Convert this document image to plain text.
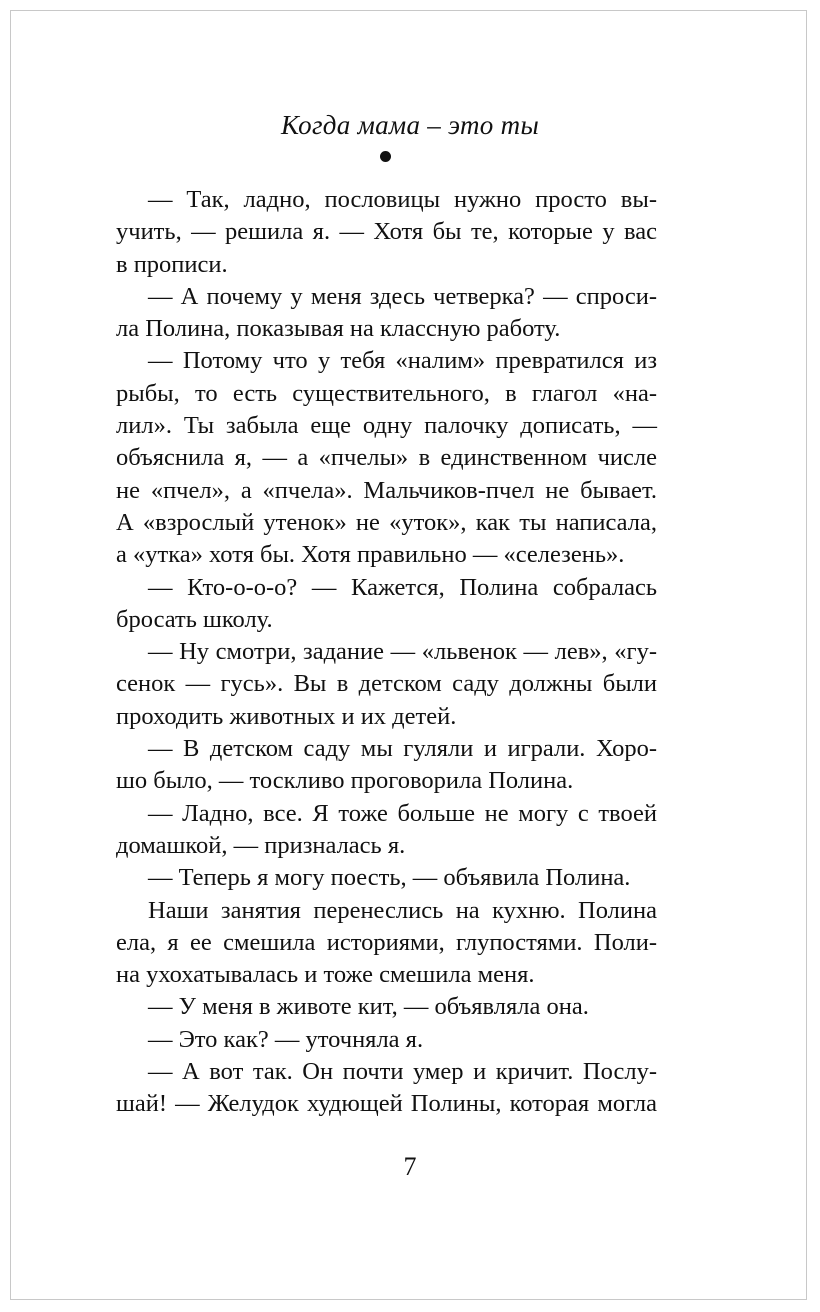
Когда мама – это ты
— Так, ладно, пословицы нужно просто вы-
учить, — решила я. — Хотя бы те, которые у вас
в прописи.
— А почему у меня здесь четверка? — спроси-
ла Полина, показывая на классную работу.
— Потому что у тебя «налим» превратился из
рыбы, то есть существительного, в глагол «на-
лил». Ты забыла еще одну палочку дописать, —
объяснила я, — а «пчелы» в единственном числе
не «пчел», а «пчела». Мальчиков-пчел не бывает.
А «взрослый утенок» не «уток», как ты написала,
а «утка» хотя бы. Хотя правильно — «селезень».
— Кто-о-о-о? — Кажется, Полина собралась
бросать школу.
— Ну смотри, задание — «львенок — лев», «гу-
сенок — гусь». Вы в детском саду должны были
проходить животных и их детей.
— В детском саду мы гуляли и играли. Хоро-
шо было, — тоскливо проговорила Полина.
— Ладно, все. Я тоже больше не могу с твоей
домашкой, — призналась я.
— Теперь я могу поесть, — объявила Полина.
Наши занятия перенеслись на кухню. Полина
ела, я ее смешила историями, глупостями. Поли-
на ухохатывалась и тоже смешила меня.
— У меня в животе кит, — объявляла она.
— Это как? — уточняла я.
— А вот так. Он почти умер и кричит. Послу-
шай! — Желудок худющей Полины, которая могла
7
